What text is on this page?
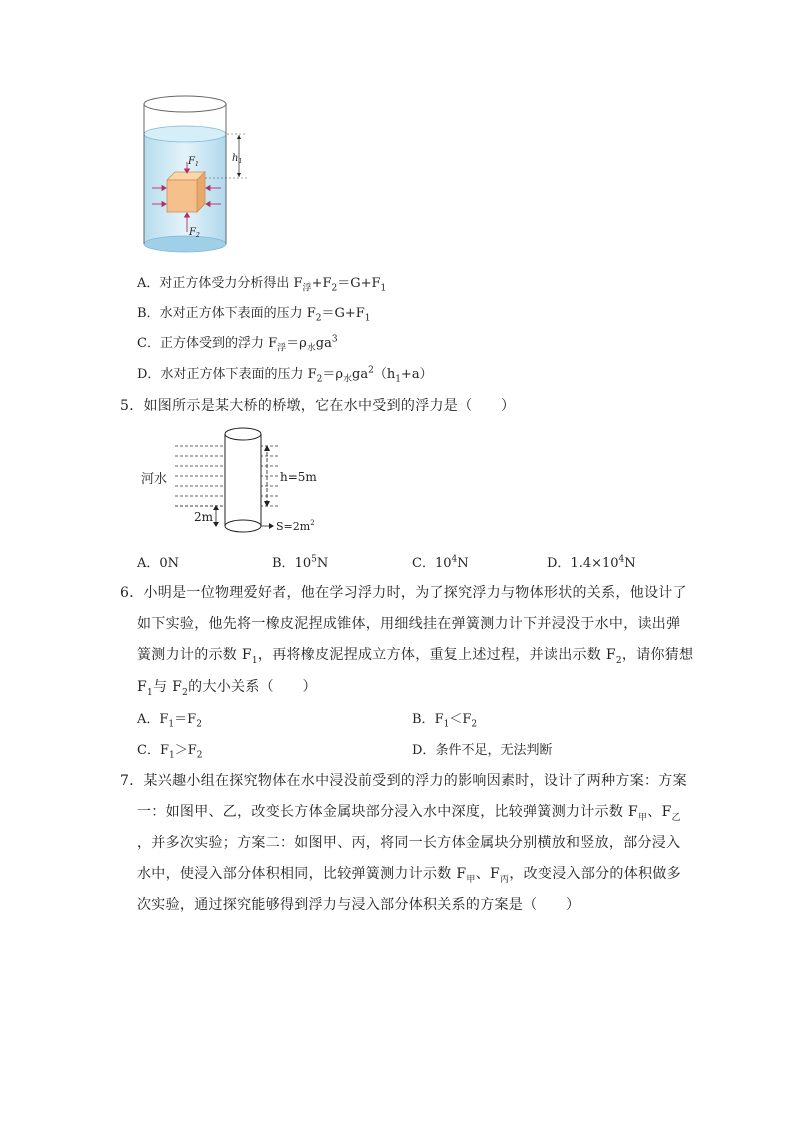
$h_1$
$F_1$
$F_2$
A．对正方体受力分析得出 $F_浮+F_2=G+F_1$
B．水对正方体下表面的压力 $F_2=G+F_1$
C．正方体受到的浮力 $F_浮=\rho_水ga^3$
D．水对正方体下表面的压力 $F_2=\rho_水ga^2(h_1+a)$
5．如图所示是某大桥的桥墩，它在水中受到的浮力是（　　）
h=5m
2m
$S=2m^2$
河水
A．0N	B．$10^5N$	C．$10^4N$	D．$1.4\times 10^4N$
6．小明是一位物理爱好者，他在学习浮力时，为了探究浮力与物体形状的关系，他设计了
如下实验，他先将一橡皮泥捏成锥体，用细线挂在弹簧测力计下并浸没于水中，读出弹
簧测力计的示数 $F_1$，再将橡皮泥捏成立方体，重复上述过程，并读出示数 $F_2$，请你猜想
$F_1$与 $F_2$的大小关系（　　）
A．$F_1=F_2$	B．$F_1<F_2$
C．$F_1>F_2$	D．条件不足，无法判断
7．某兴趣小组在探究物体在水中浸没前受到的浮力的影响因素时，设计了两种方案：方案
一：如图甲、乙，改变长方体金属块部分浸入水中深度，比较弹簧测力计示数 $F_甲$、$F_乙$
，并多次实验；方案二：如图甲、丙，将同一长方体金属块分别横放和竖放，部分浸入
水中，使浸入部分体积相同，比较弹簧测力计示数 $F_甲$、$F_丙$，改变浸入部分的体积做多
次实验，通过探究能够得到浮力与浸入部分体积关系的方案是（　　）
